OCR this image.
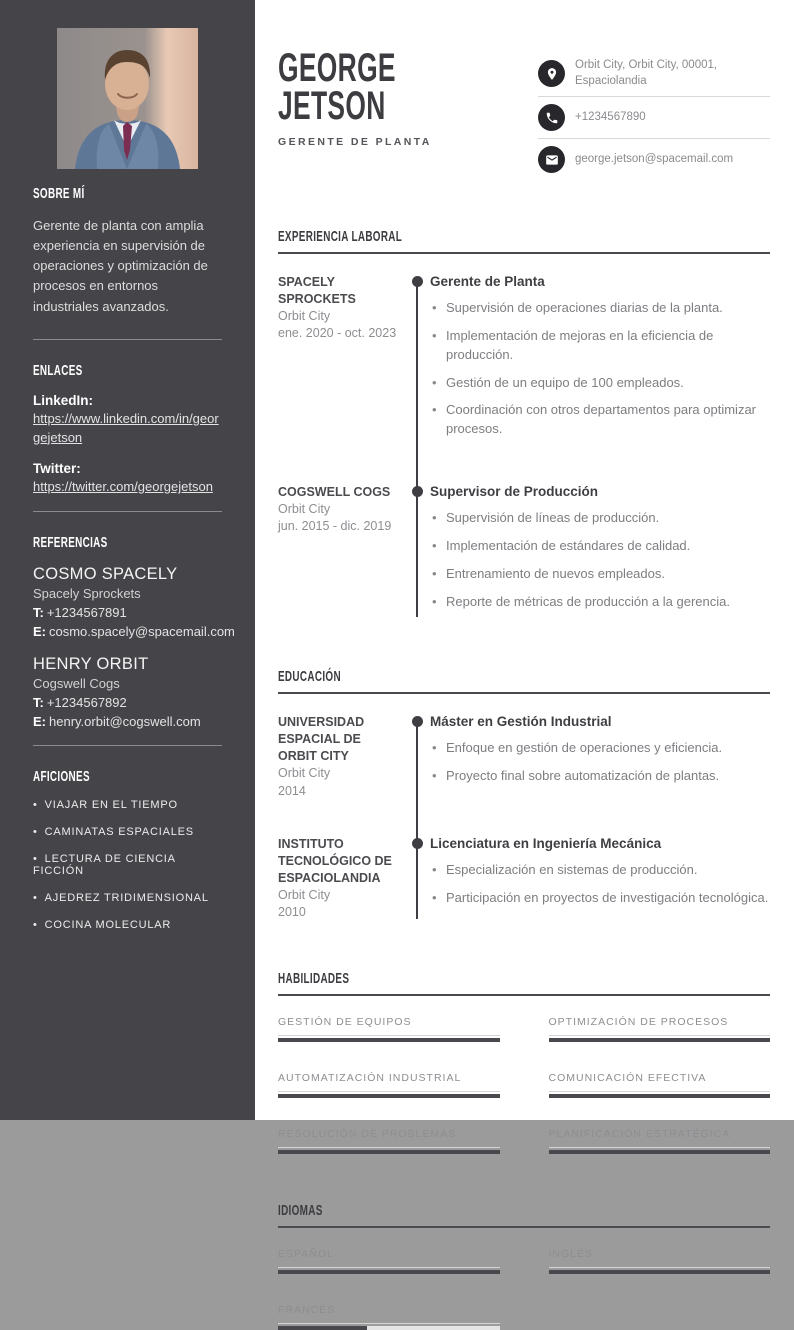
SOBRE MÍ

Gerente de planta con amplia experiencia en supervisión de operaciones y optimización de procesos en entornos industriales avanzados.

ENLACES
LinkedIn:
https://www.linkedin.com/in/georgejetson
Twitter:
https://twitter.com/georgejetson
REFERENCIAS
COSMO SPACELY
Spacely Sprockets
T: +1234567891
E: cosmo.spacely@spacemail.com
HENRY ORBIT
Cogswell Cogs
T: +1234567892
E: henry.orbit@cogswell.com
AFICIONES
• VIAJAR EN EL TIEMPO
• CAMINATAS ESPACIALES
• LECTURA DE CIENCIA FICCIÓN
• AJEDREZ TRIDIMENSIONAL
• COCINA MOLECULAR
GEORGE
JETSON
GERENTE DE PLANTA
Orbit City, Orbit City, 00001, Espaciolandia
+1234567890
george.jetson@spacemail.com
EXPERIENCIA LABORAL
SPACELY SPROCKETS
Orbit City
ene. 2020 - oct. 2023
Gerente de Planta
• Supervisión de operaciones diarias de la planta.
• Implementación de mejoras en la eficiencia de producción.
• Gestión de un equipo de 100 empleados.
• Coordinación con otros departamentos para optimizar procesos.
COGSWELL COGS
Orbit City
jun. 2015 - dic. 2019
Supervisor de Producción
• Supervisión de líneas de producción.
• Implementación de estándares de calidad.
• Entrenamiento de nuevos empleados.
• Reporte de métricas de producción a la gerencia.
EDUCACIÓN
UNIVERSIDAD ESPACIAL DE ORBIT CITY
Orbit City
2014
Máster en Gestión Industrial
• Enfoque en gestión de operaciones y eficiencia.
• Proyecto final sobre automatización de plantas.
INSTITUTO TECNOLÓGICO DE ESPACIOLANDIA
Orbit City
2010
Licenciatura en Ingeniería Mecánica
• Especialización en sistemas de producción.
• Participación en proyectos de investigación tecnológica.
HABILIDADES
GESTIÓN DE EQUIPOS
AUTOMATIZACIÓN INDUSTRIAL
RESOLUCIÓN DE PROBLEMAS
OPTIMIZACIÓN DE PROCESOS
COMUNICACIÓN EFECTIVA
PLANIFICACIÓN ESTRATÉGICA
IDIOMAS
ESPAÑOL	INGLÉS
FRANCÉS
